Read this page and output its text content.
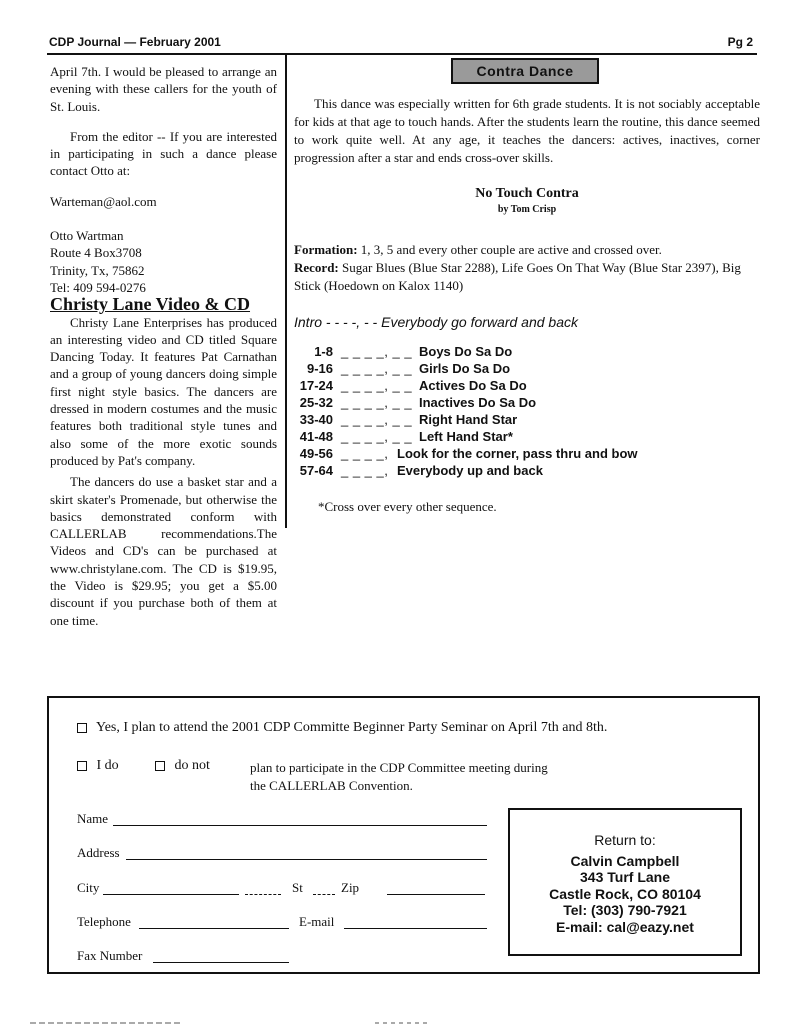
CDP Journal — February 2001	Pg 2

April 7th. I would be pleased to arrange an evening with these callers for the youth of St. Louis.

From the editor -- If you are interested in participating in such a dance please contact Otto at:

Warteman@aol.com

Otto Wartman

Route 4 Box3708

Trinity, Tx, 75862

Tel: 409 594-0276

Christy Lane Video & CD

Christy Lane Enterprises has produced an interesting video and CD titled Square Dancing Today. It features Pat Carnathan and a group of young dancers doing simple first night style basics. The dancers are dressed in modern costumes and the music features both traditional style tunes and also some of the more exotic sounds produced by Pat's company.

The dancers do use a basket star and a skirt skater's Promenade, but otherwise the basics demonstrated conform with CALLERLAB recommendations.The Videos and CD's can be purchased at www.christylane.com. The CD is $19.95, the Video is $29.95; you get a $5.00 discount if you purchase both of them at one time.

Contra Dance

This dance was especially written for 6th grade students. It is not sociably acceptable for kids at that age to touch hands. After the students learn the routine, this dance seemed to work quite well. At any age, it teaches the dancers: actives, inactives, corner progression after a star and ends cross-over skills.

No Touch Contra

by Tom Crisp

Formation: 1, 3, 5 and every other couple are active and crossed over.
Record: Sugar Blues (Blue Star 2288), Life Goes On That Way (Blue Star 2397), Big Stick (Hoedown on Kalox 1140)

Intro - - - -, - - Everybody go forward and back

1-8 _ _ _ _, _ _ Boys Do Sa Do
9-16 _ _ _ _, _ _ Girls Do Sa Do
17-24 _ _ _ _, _ _ Actives Do Sa Do
25-32 _ _ _ _, _ _ Inactives Do Sa Do
33-40 _ _ _ _, _ _ Right Hand Star
41-48 _ _ _ _, _ _ Left Hand Star*
49-56 _ _ _ _, Look for the corner, pass thru and bow
57-64 _ _ _ _, Everybody up and back
*Cross over every other sequence.
Yes, I plan to attend the 2001 CDP Committe Beginner Party Seminar on April 7th and 8th.
I do	do not	plan to participate in the CDP Committee meeting during
the CALLERLAB Convention.
Name
Address
City	St	Zip
Telephone	E-mail
Fax Number
Return to:
Calvin Campbell
343 Turf Lane
Castle Rock, CO 80104
Tel: (303) 790-7921
E-mail: cal@eazy.net
